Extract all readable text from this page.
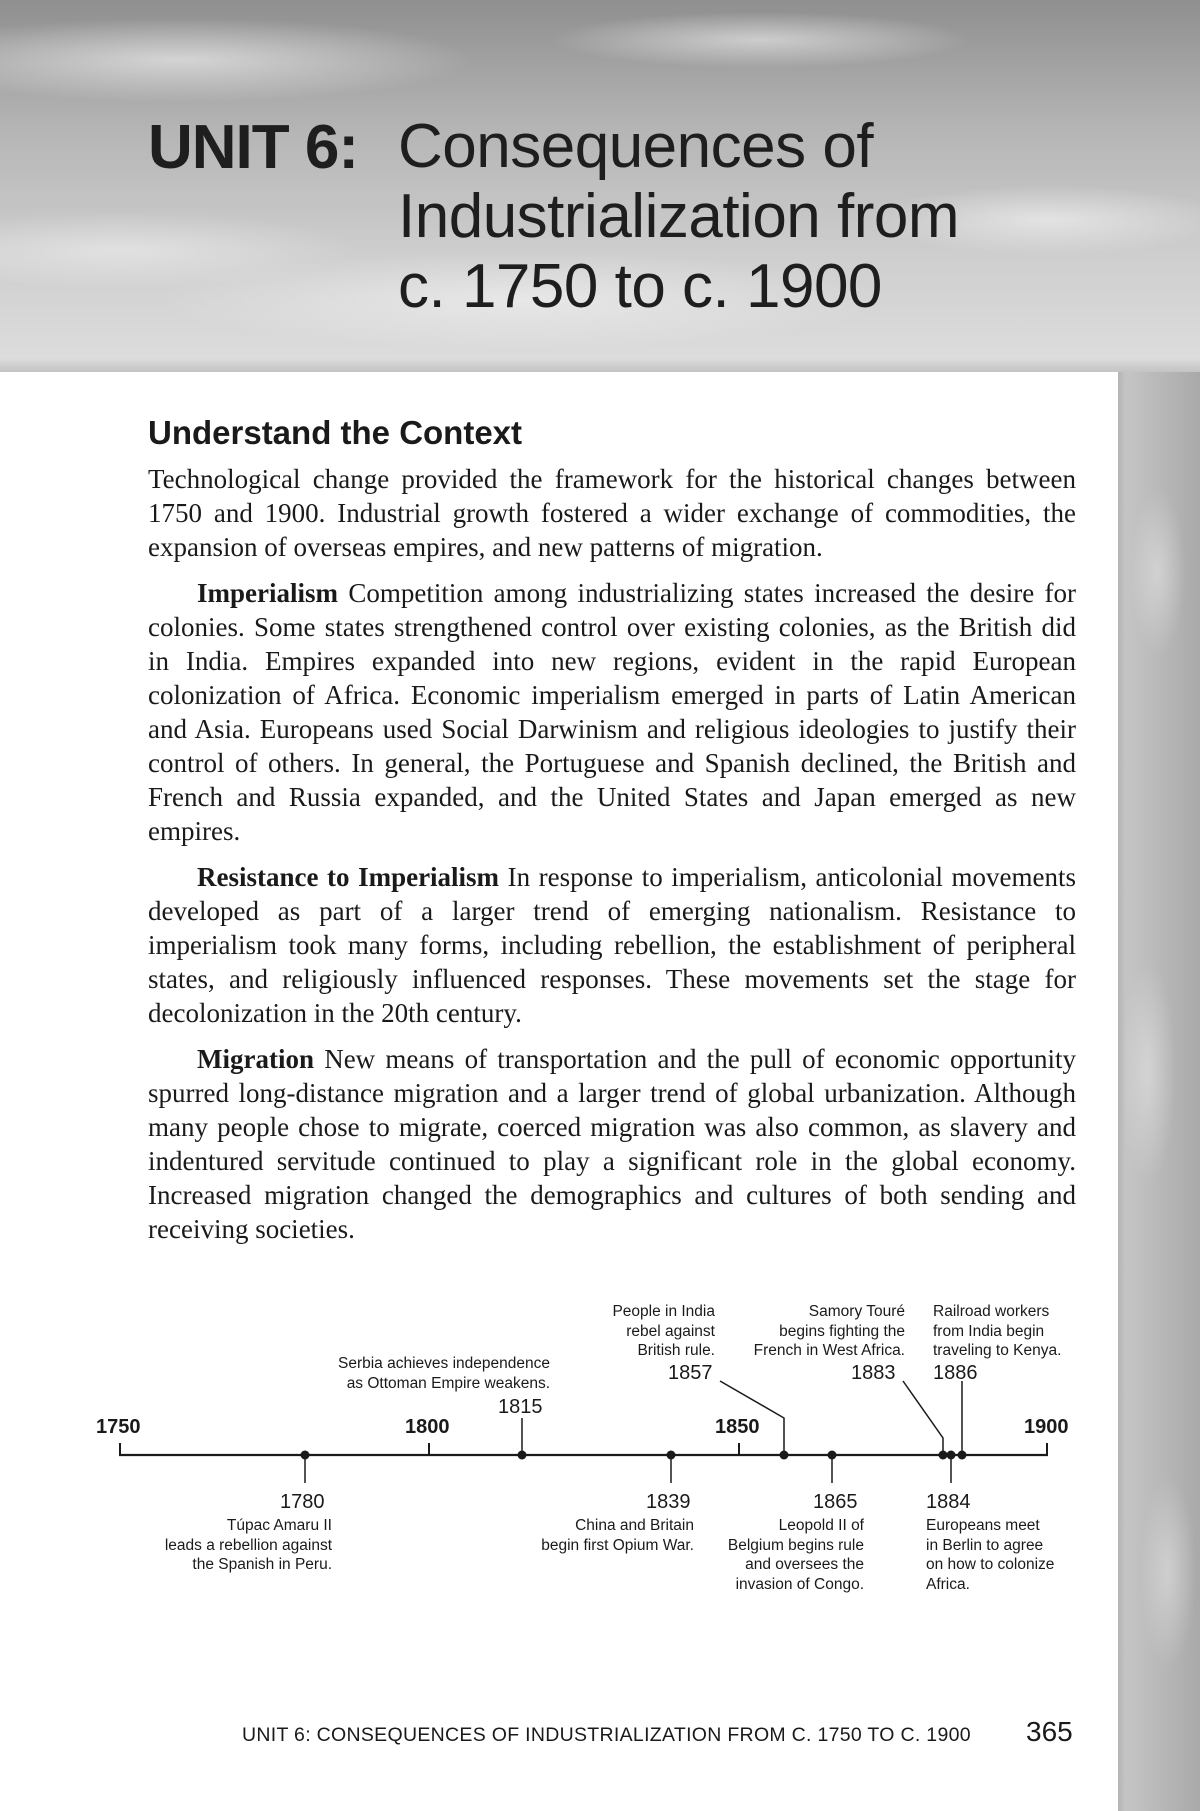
UNIT 6: Consequences of
Industrialization from
c. 1750 to c. 1900
Understand the Context

Technological change provided the framework for the historical changes between 1750 and 1900. Industrial growth fostered a wider exchange of commodities, the expansion of overseas empires, and new patterns of migration.

Imperialism Competition among industrializing states increased the desire for colonies. Some states strengthened control over existing colonies, as the British did in India. Empires expanded into new regions, evident in the rapid European colonization of Africa. Economic imperialism emerged in parts of Latin American and Asia. Europeans used Social Darwinism and religious ideologies to justify their control of others. In general, the Portuguese and Spanish declined, the British and French and Russia expanded, and the United States and Japan emerged as new empires.

Resistance to Imperialism In response to imperialism, anticolonial movements developed as part of a larger trend of emerging nationalism. Resistance to imperialism took many forms, including rebellion, the establishment of peripheral states, and religiously influenced responses. These movements set the stage for decolonization in the 20th century.

Migration New means of transportation and the pull of economic opportunity spurred long-distance migration and a larger trend of global urbanization. Although many people chose to migrate, coerced migration was also common, as slavery and indentured servitude continued to play a significant role in the global economy. Increased migration changed the demographics and cultures of both sending and receiving societies.

1750	1800	1850	1900
Serbia achieves independence
as Ottoman Empire weakens.
1815
People in India
rebel against
British rule.
1857
Samory Touré
begins fighting the
French in West Africa.
1883
Railroad workers
from India begin
traveling to Kenya.
1886
1780
Túpac Amaru II
leads a rebellion against
the Spanish in Peru.
1839
China and Britain
begin first Opium War.
1865
Leopold II of
Belgium begins rule
and oversees the
invasion of Congo.
1884
Europeans meet
in Berlin to agree
on how to colonize
Africa.
UNIT 6: CONSEQUENCES OF INDUSTRIALIZATION FROM C. 1750 TO C. 1900 365
